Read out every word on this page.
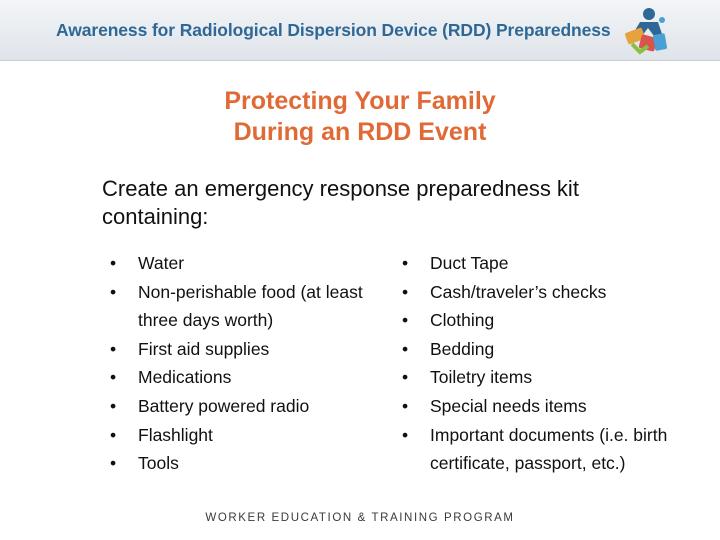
Awareness for Radiological Dispersion Device (RDD) Preparedness
Protecting Your Family
During an RDD Event
Create an emergency response preparedness kit containing:
•	Water
•	Non-perishable food (at least three days worth)
•	First aid supplies
•	Medications
•	Battery powered radio
•	Flashlight
•	Tools
•	Duct Tape
•	Cash/traveler’s checks
•	Clothing
•	Bedding
•	Toiletry items
•	Special needs items
•	Important documents (i.e. birth certificate, passport, etc.)
WORKER EDUCATION & TRAINING PROGRAM
